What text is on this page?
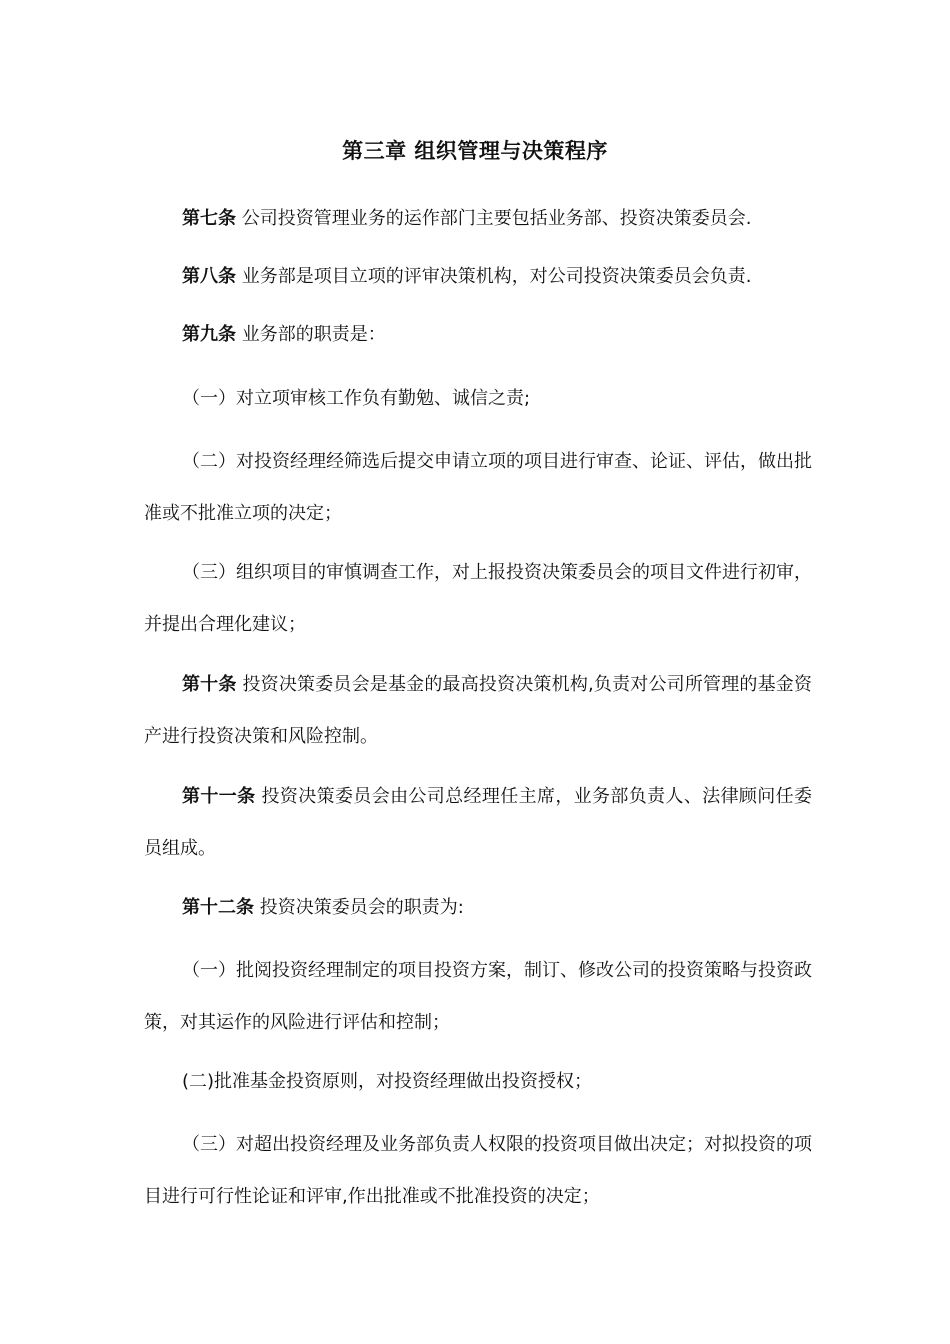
第三章 组织管理与决策程序
第七条 公司投资管理业务的运作部门主要包括业务部、投资决策委员会.
第八条 业务部是项目立项的评审决策机构，对公司投资决策委员会负责.
第九条 业务部的职责是：
（一）对立项审核工作负有勤勉、诚信之责;
（二）对投资经理经筛选后提交申请立项的项目进行审查、论证、评估，做出批准或不批准立项的决定；
（三）组织项目的审慎调查工作，对上报投资决策委员会的项目文件进行初审，并提出合理化建议；
第十条 投资决策委员会是基金的最高投资决策机构,负责对公司所管理的基金资产进行投资决策和风险控制。
第十一条 投资决策委员会由公司总经理任主席，业务部负责人、法律顾问任委员组成。
第十二条 投资决策委员会的职责为:
（一）批阅投资经理制定的项目投资方案，制订、修改公司的投资策略与投资政策，对其运作的风险进行评估和控制；
(二)批准基金投资原则，对投资经理做出投资授权；
（三）对超出投资经理及业务部负责人权限的投资项目做出决定；对拟投资的项目进行可行性论证和评审,作出批准或不批准投资的决定；
